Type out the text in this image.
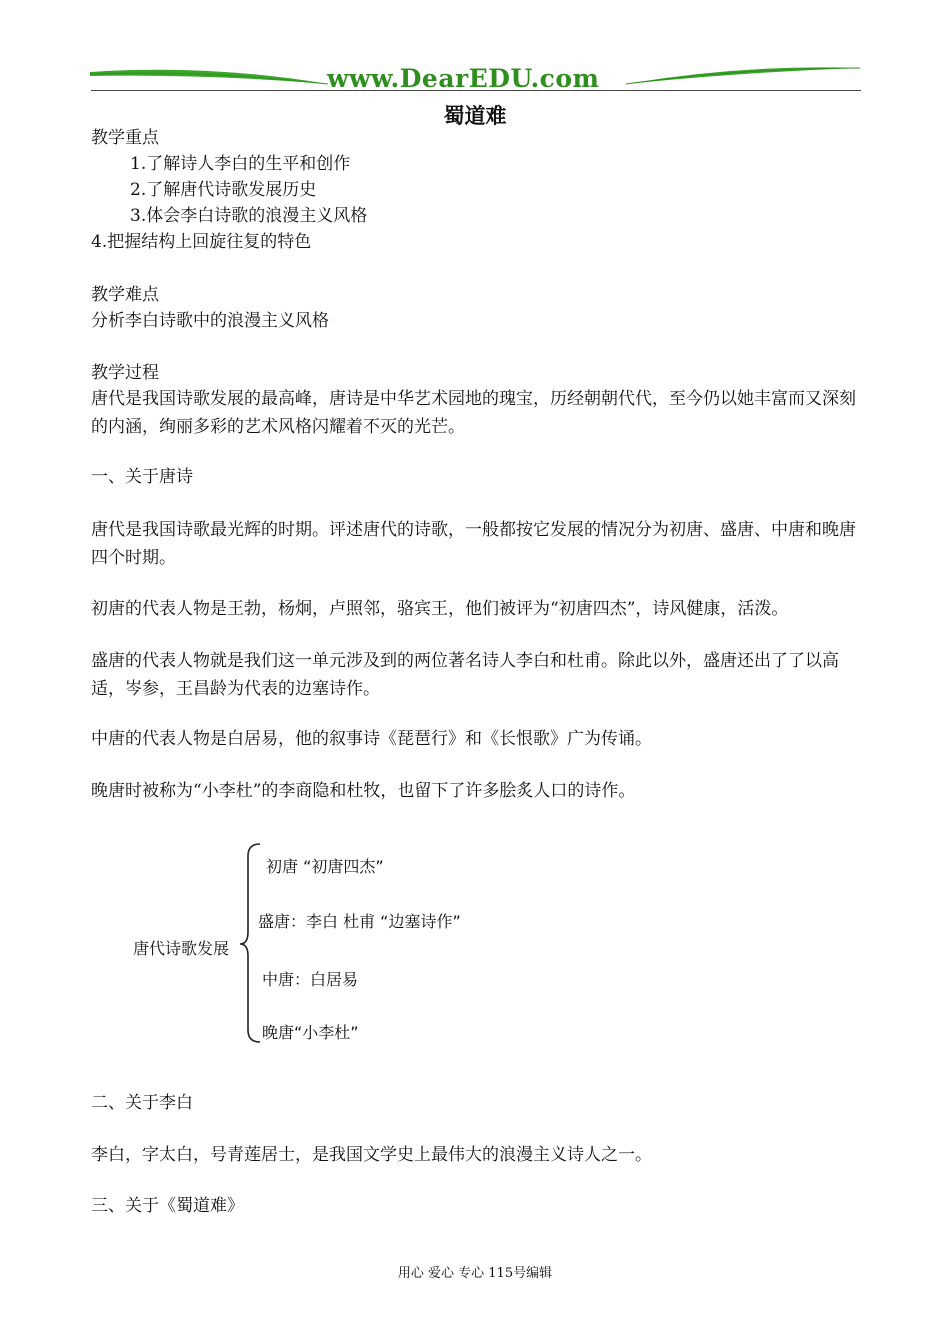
www.DearEDU.com
蜀道难
教学重点
1.了解诗人李白的生平和创作
2.了解唐代诗歌发展历史
3.体会李白诗歌的浪漫主义风格
4.把握结构上回旋往复的特色
教学难点
分析李白诗歌中的浪漫主义风格
教学过程
唐代是我国诗歌发展的最高峰，唐诗是中华艺术园地的瑰宝，历经朝朝代代，至今仍以她丰富而又深刻的内涵，绚丽多彩的艺术风格闪耀着不灭的光芒。
一、关于唐诗
唐代是我国诗歌最光辉的时期。评述唐代的诗歌，一般都按它发展的情况分为初唐、盛唐、中唐和晚唐四个时期。
初唐的代表人物是王勃，杨炯，卢照邻，骆宾王，他们被评为“初唐四杰”，诗风健康，活泼。
盛唐的代表人物就是我们这一单元涉及到的两位著名诗人李白和杜甫。除此以外，盛唐还出了了以高适，岑参，王昌龄为代表的边塞诗作。
中唐的代表人物是白居易，他的叙事诗《琵琶行》和《长恨歌》广为传诵。
晚唐时被称为“小李杜”的李商隐和杜牧，也留下了许多脍炙人口的诗作。
唐代诗歌发展
初唐 “初唐四杰”
盛唐：李白 杜甫 “边塞诗作”
中唐：白居易
晚唐“小李杜”
二、关于李白
李白，字太白，号青莲居士，是我国文学史上最伟大的浪漫主义诗人之一。
三、关于《蜀道难》
用心 爱心 专心 115号编辑
